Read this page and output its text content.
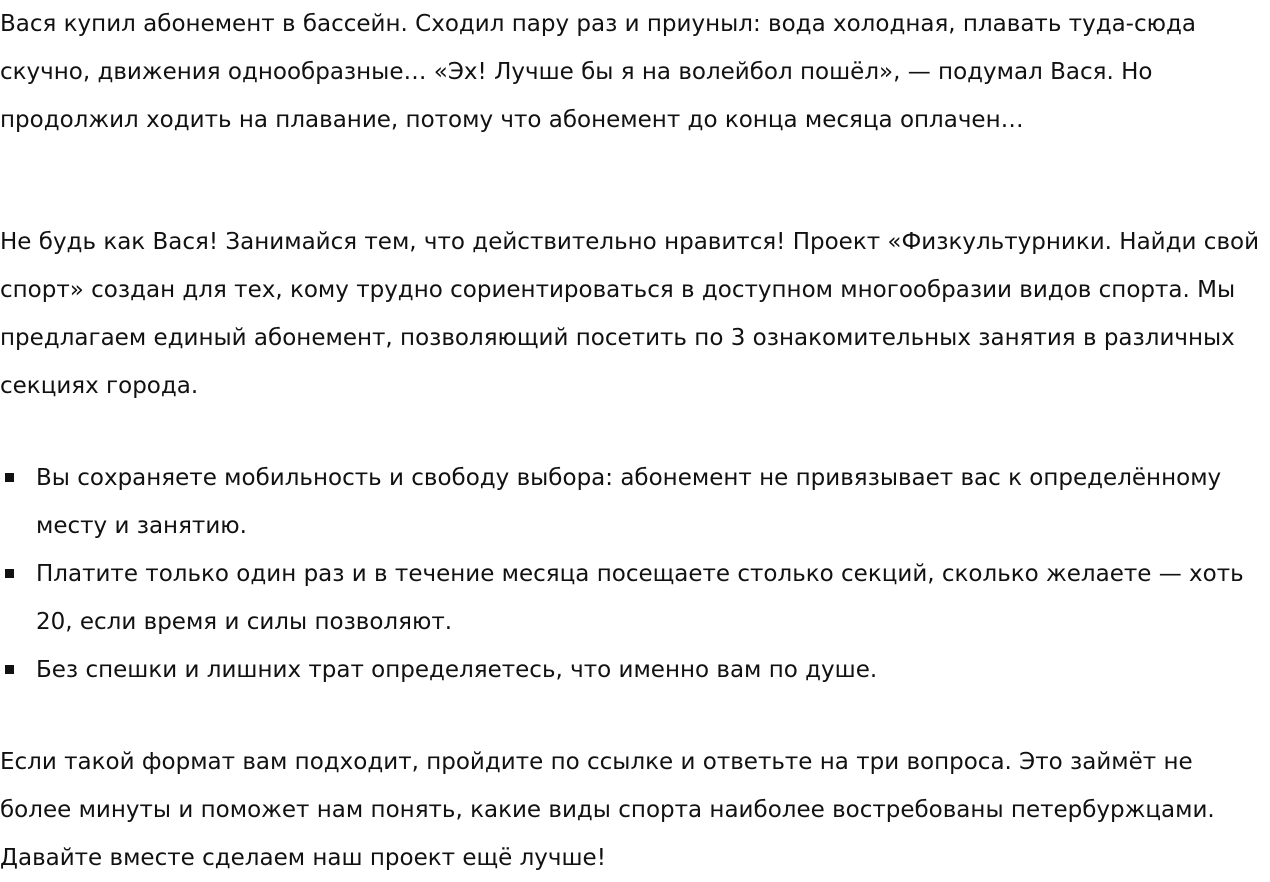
Вася купил абонемент в бассейн. Сходил пару раз и приуныл: вода холодная, плавать туда-сюда скучно, движения однообразные… «Эх! Лучше бы я на волейбол пошёл», — подумал Вася. Но продолжил ходить на плавание, потому что абонемент до конца месяца оплачен…

Не будь как Вася! Занимайся тем, что действительно нравится! Проект «Физкультурники. Найди свой спорт» создан для тех, кому трудно сориентироваться в доступном многообразии видов спорта. Мы предлагаем единый абонемент, позволяющий посетить по 3 ознакомительных занятия в различных секциях города.

Вы сохраняете мобильность и свободу выбора: абонемент не привязывает вас к определённому месту и занятию.
Платите только один раз и в течение месяца посещаете столько секций, сколько желаете — хоть 20, если время и силы позволяют.
Без спешки и лишних трат определяетесь, что именно вам по душе.

Если такой формат вам подходит, пройдите по ссылке и ответьте на три вопроса. Это займёт не более минуты и поможет нам понять, какие виды спорта наиболее востребованы петербуржцами. Давайте вместе сделаем наш проект ещё лучше!
